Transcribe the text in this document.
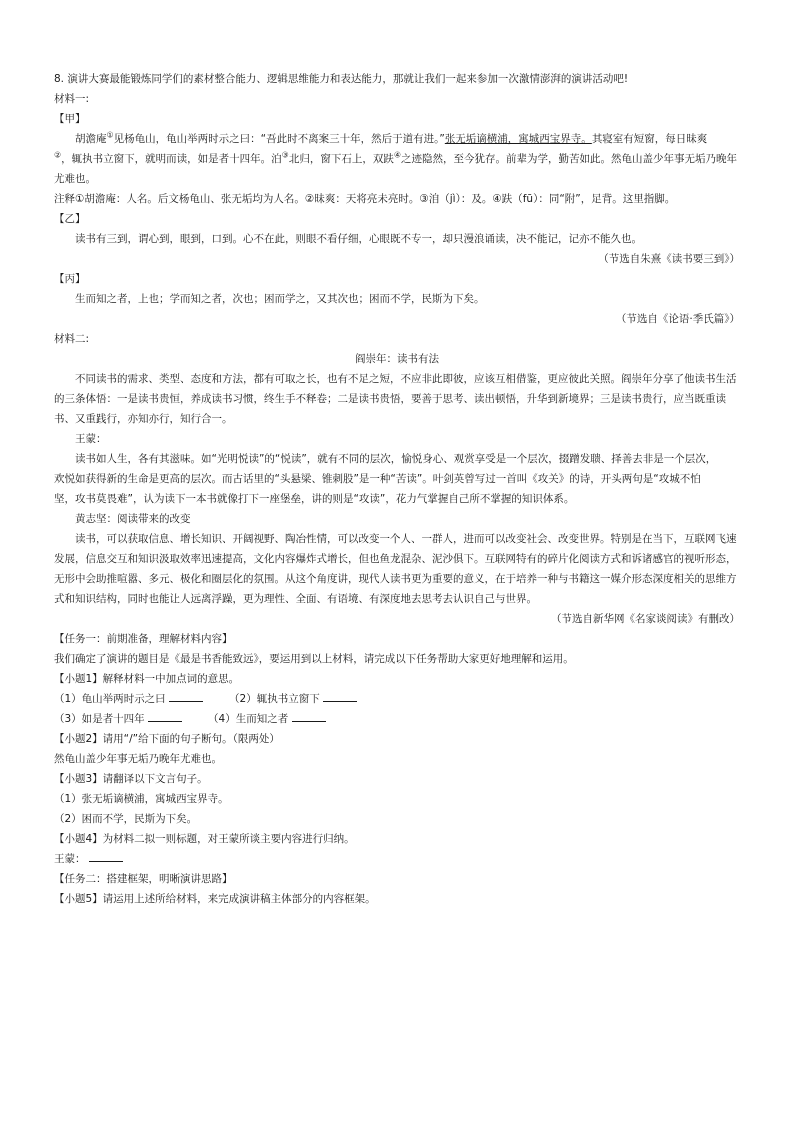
8. 演讲大赛最能锻炼同学们的素材整合能力、逻辑思维能力和表达能力，那就让我们一起来参加一次激情澎湃的演讲活动吧!
材料一:
【甲】
胡澹庵①见杨龟山，龟山举两时示之曰：“吾此时不离案三十年，然后于道有进。”张无垢谪横浦，寓城西宝界寺。其寝室有短窗，每日昧爽
②，辄执书立窗下，就明而读，如是者十四年。泊③北归，窗下石上，双趺④之迹隐然，至今犹存。前辈为学，勤苦如此。然龟山盖少年事无垢乃晚年
尤难也。
注释①胡澹庵：人名。后文杨龟山、张无垢均为人名。②昧爽：天将亮未亮时。③洎（jì）：及。④趺（fū）：同“附”，足背。这里指脚。
【乙】
读书有三到，谓心到，眼到，口到。心不在此，则眼不看仔细，心眼既不专一，却只漫浪诵读，决不能记，记亦不能久也。
（节选自朱熹《读书要三到》）
【丙】
生而知之者，上也；学而知之者，次也；困而学之，又其次也；困而不学，民斯为下矣。
（节选自《论语·季氏篇》）
材料二:
阎崇年：读书有法
不同读书的需求、类型、态度和方法，都有可取之长，也有不足之短，不应非此即彼，应该互相借鉴，更应彼此关照。阎崇年分享了他读书生活
的三条体悟：一是读书贵恒，养成读书习惯，终生手不释卷；二是读书贵悟，要善于思考、读出顿悟，升华到新境界；三是读书贵行，应当既重读
书、又重践行，亦知亦行，知行合一。
王蒙：
读书如人生，各有其滋味。如“光明悦读”的“悦读”，就有不同的层次，愉悦身心、观赏享受是一个层次，掇蹭发聩、择善去非是一个层次，
欢悦如获得新的生命是更高的层次。而古话里的“头悬梁、锥刺股”是一种“苦读”。叶剑英曾写过一首叫《攻关》的诗，开头两句是“攻城不怕
坚，攻书莫畏难”，认为读下一本书就像打下一座堡垒，讲的则是“攻读”，花力气掌握自己所不掌握的知识体系。
黄志坚：阅读带来的改变
读书，可以获取信息、增长知识、开阔视野、陶冶性情，可以改变一个人、一群人，进而可以改变社会、改变世界。特别是在当下，互联网飞速
发展，信息交互和知识汲取效率迅速提高，文化内容爆炸式增长，但也鱼龙混杂、泥沙俱下。互联网特有的碎片化阅读方式和诉诸感官的视听形态，
无形中会助推喧嚣、多元、极化和圈层化的氛围。从这个角度讲，现代人读书更为重要的意义，在于培养一种与书籍这一媒介形态深度相关的思维方
式和知识结构，同时也能让人远离浮躁，更为理性、全面、有语境、有深度地去思考去认识自己与世界。
（节选自新华网《名家谈阅读》有删改）
【任务一：前期准备，理解材料内容】
我们确定了演讲的题目是《最是书香能致远》，要运用到以上材料，请完成以下任务帮助大家更好地理解和运用。
【小题1】解释材料一中加点词的意思。
（1）龟山举两时示之曰	（2）辄执书立窗下
（3）如是者十四年	（4）生而知之者
【小题2】请用“/”给下面的句子断句。（限两处）
然龟山盖少年事无垢乃晚年尤难也。
【小题3】请翻译以下文言句子。
（1）张无垢谪横浦，寓城西宝界寺。
（2）困而不学，民斯为下矣。
【小题4】为材料二拟一则标题，对王蒙所谈主要内容进行归纳。
王蒙：
【任务二：搭建框架，明晰演讲思路】
【小题5】请运用上述所给材料，来完成演讲稿主体部分的内容框架。
